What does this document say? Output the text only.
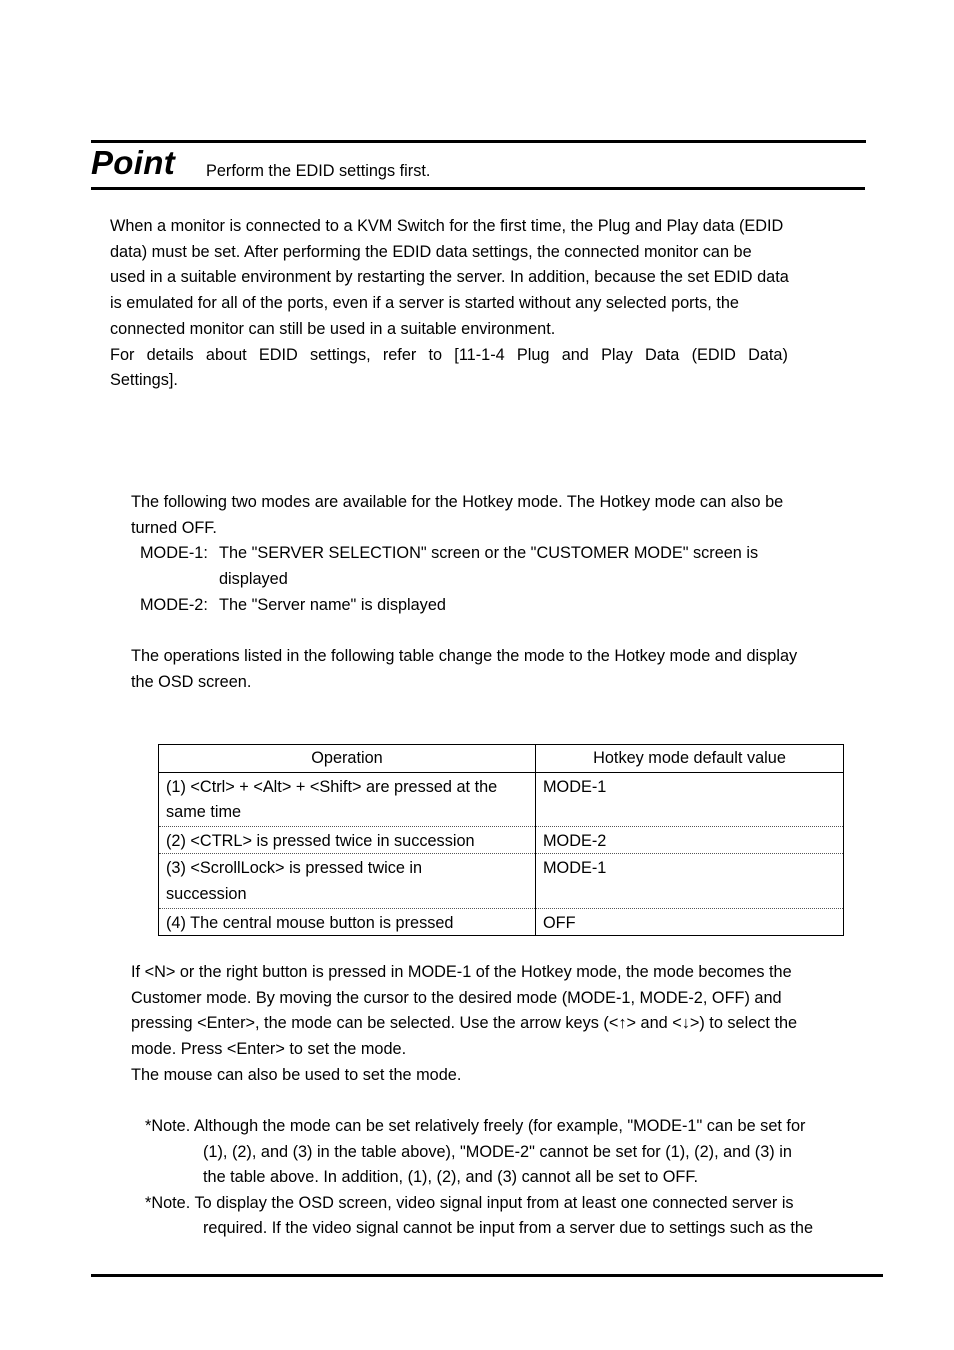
Point Perform the EDID settings first.
When a monitor is connected to a KVM Switch for the first time, the Plug and Play data (EDID
data) must be set. After performing the EDID data settings, the connected monitor can be
used in a suitable environment by restarting the server. In addition, because the set EDID data
is emulated for all of the ports, even if a server is started without any selected ports, the
connected monitor can still be used in a suitable environment.
For details about EDID settings, refer to [11-1-4 Plug and Play Data (EDID Data)
Settings].
The following two modes are available for the Hotkey mode. The Hotkey mode can also be
turned OFF.
MODE-1: The "SERVER SELECTION" screen or the "CUSTOMER MODE" screen is
displayed
MODE-2: The "Server name" is displayed
The operations listed in the following table change the mode to the Hotkey mode and display
the OSD screen.
Operation	Hotkey mode default value

(1) <Ctrl> + <Alt> + <Shift> are pressed at the
same time	MODE-1

(2) <CTRL> is pressed twice in succession	MODE-2

(3) <ScrollLock> is pressed twice in
succession	MODE-1

(4) The central mouse button is pressed	OFF
If <N> or the right button is pressed in MODE-1 of the Hotkey mode, the mode becomes the
Customer mode. By moving the cursor to the desired mode (MODE-1, MODE-2, OFF) and
pressing <Enter>, the mode can be selected. Use the arrow keys (<↑> and <↓>) to select the
mode. Press <Enter> to set the mode.
The mouse can also be used to set the mode.
*Note. Although the mode can be set relatively freely (for example, "MODE-1" can be set for
(1), (2), and (3) in the table above), "MODE-2" cannot be set for (1), (2), and (3) in
the table above. In addition, (1), (2), and (3) cannot all be set to OFF.
*Note. To display the OSD screen, video signal input from at least one connected server is
required. If the video signal cannot be input from a server due to settings such as the
